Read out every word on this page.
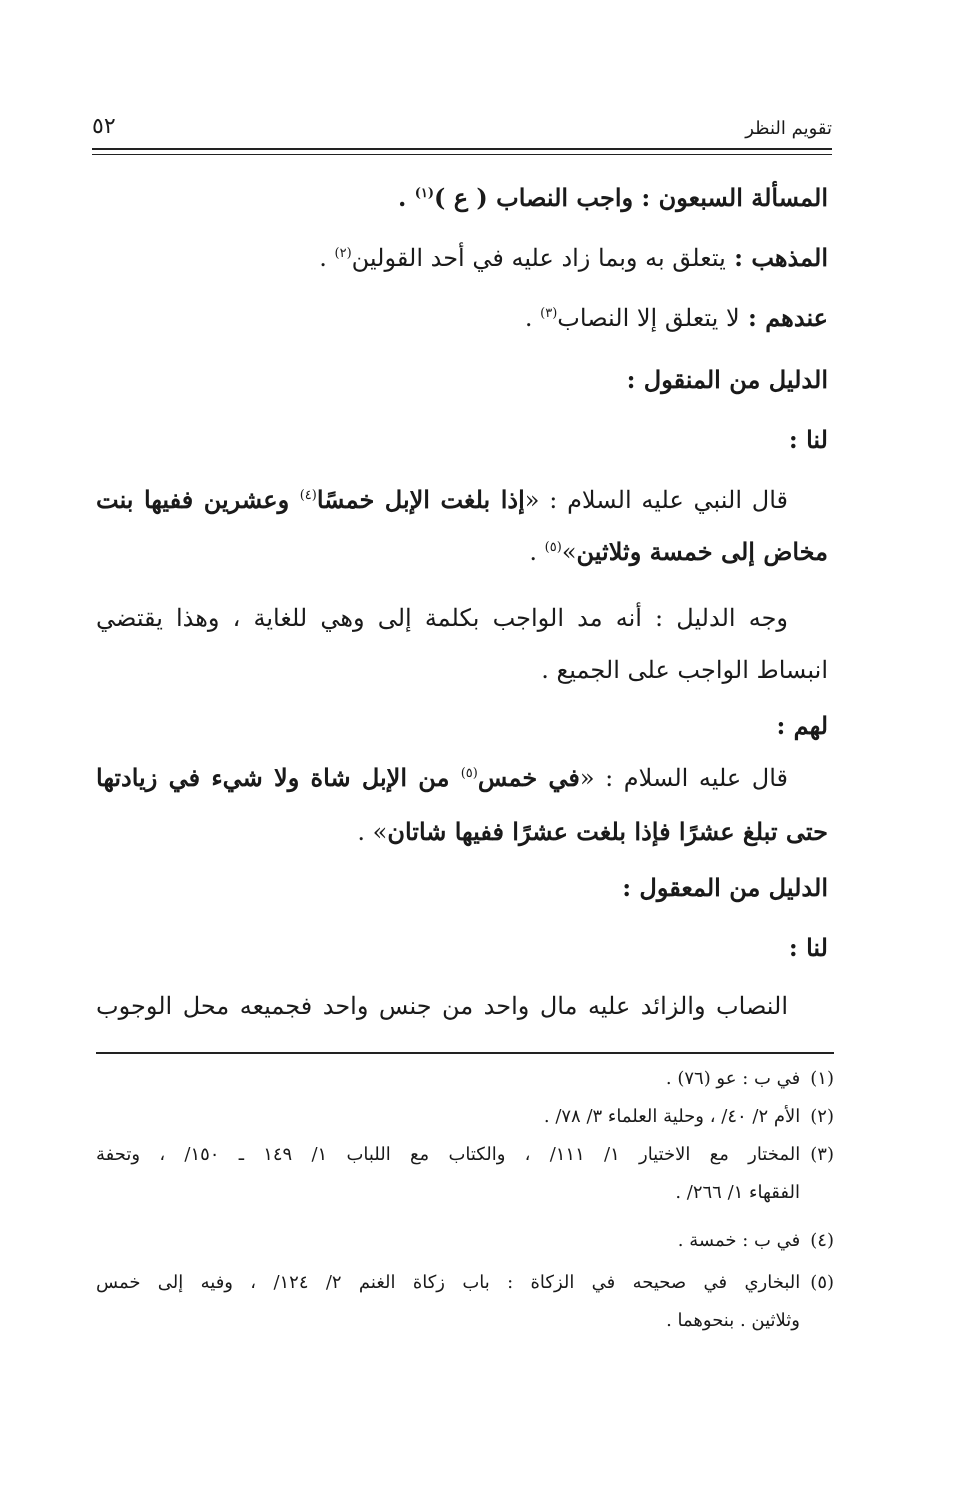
تقويم النظر
٥٢
المسألة السبعون : واجب النصاب ( ع )$^{(١)}$ .
المذهب : يتعلق به وبما زاد عليه في أحد القولين$^{(٢)}$ .
عندهم : لا يتعلق إلا النصاب$^{(٣)}$ .
الدليل من المنقول :
لنا :
قال النبي عليه السلام : «إذا بلغت الإبل خمسًا$^{(٤)}$ وعشرين ففيها بنت
مخاض إلى خمسة وثلاثين»$^{(٥)}$ .
وجه الدليل : أنه مد الواجب بكلمة إلى وهي للغاية ، وهذا يقتضي
انبساط الواجب على الجميع .
لهم :
قال عليه السلام : «في خمس$^{(٥)}$ من الإبل شاة ولا شيء في زيادتها
حتى تبلغ عشرًا فإذا بلغت عشرًا ففيها شاتان» .
الدليل من المعقول :
لنا :
النصاب والزائد عليه مال واحد من جنس واحد فجميعه محل الوجوب
(١)في ب : عو (٧٦) .
(٢)الأم ٢/ ٤٠/ ، وحلية العلماء ٣/ ٧٨/ .
(٣)المختار مع الاختيار ١/ ١١١/ ، والكتاب مع اللباب ١/ ١٤٩ ـ ١٥٠/ ، وتحفة
الفقهاء ١/ ٢٦٦/ .
(٤)في ب : خمسة .
(٥)البخاري في صحيحه في الزكاة : باب زكاة الغنم ٢/ ١٢٤/ ، وفيه إلى خمس
وثلاثين . بنحوهما .
